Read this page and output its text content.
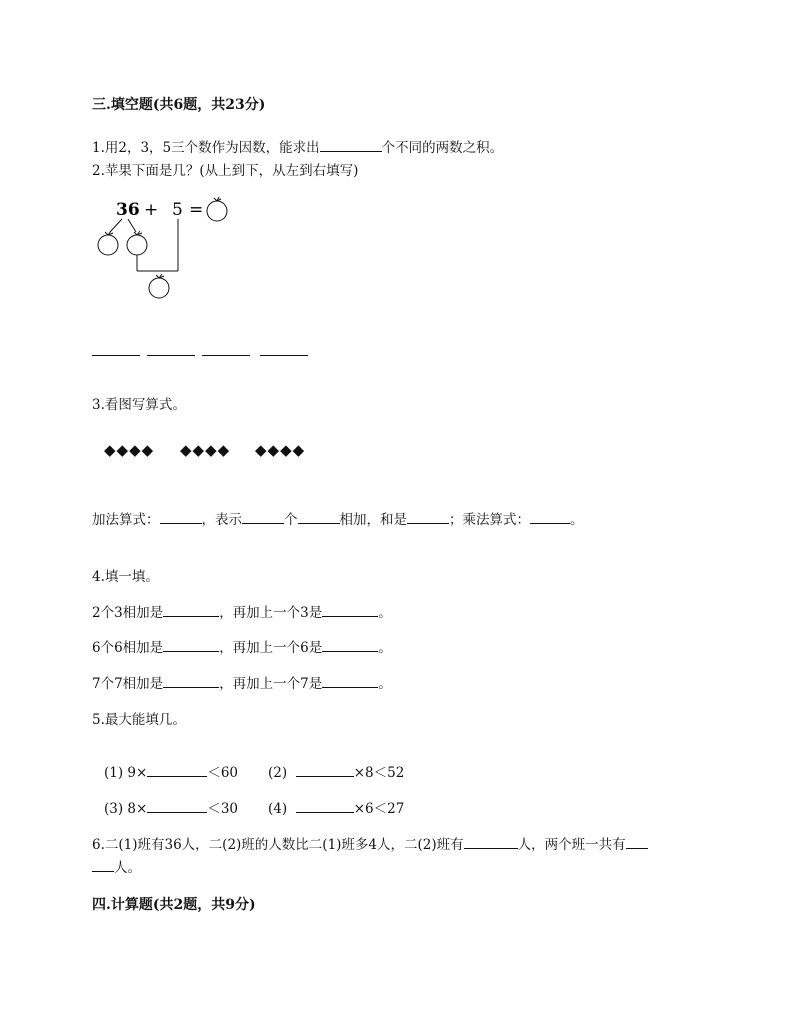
三.填空题(共6题，共23分)
1.用2，3，5三个数作为因数，能求出	个不同的两数之积。
2.苹果下面是几？(从上到下，从左到右填写)
36 + 5 =
3.看图写算式。
◆◆◆◆ ◆◆◆◆ ◆◆◆◆
加法算式：	，表示	个	相加，和是	；乘法算式：	。
4.填一填。
2个3相加是	，再加上一个3是	。
6个6相加是	，再加上一个6是	。
7个7相加是	，再加上一个7是	。
5.最大能填几。
(1) 9×	＜60 (2)	×8＜52
(3) 8×	＜30 (4)	×6＜27
6.二(1)班有36人，二(2)班的人数比二(1)班多4人，二(2)班有	人，两个班一共有
人。
四.计算题(共2题，共9分)
